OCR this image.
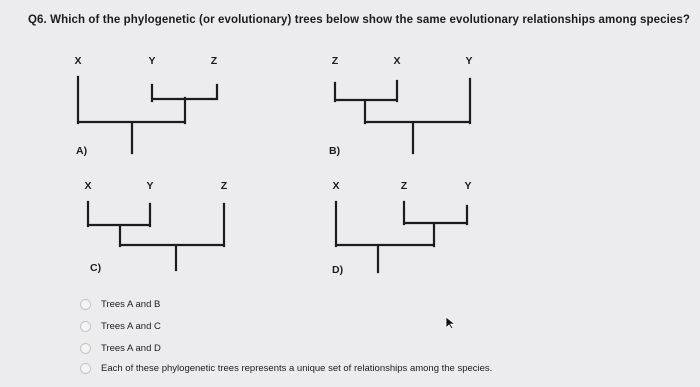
Q6. Which of the phylogenetic (or evolutionary) trees below show the same evolutionary relationships among species?
X	Y	Z
A)
Z	X	Y
B)
X	Y	Z
C)
X	Z	Y
D)
Trees A and B
Trees A and C
Trees A and D
Each of these phylogenetic trees represents a unique set of relationships among the species.
